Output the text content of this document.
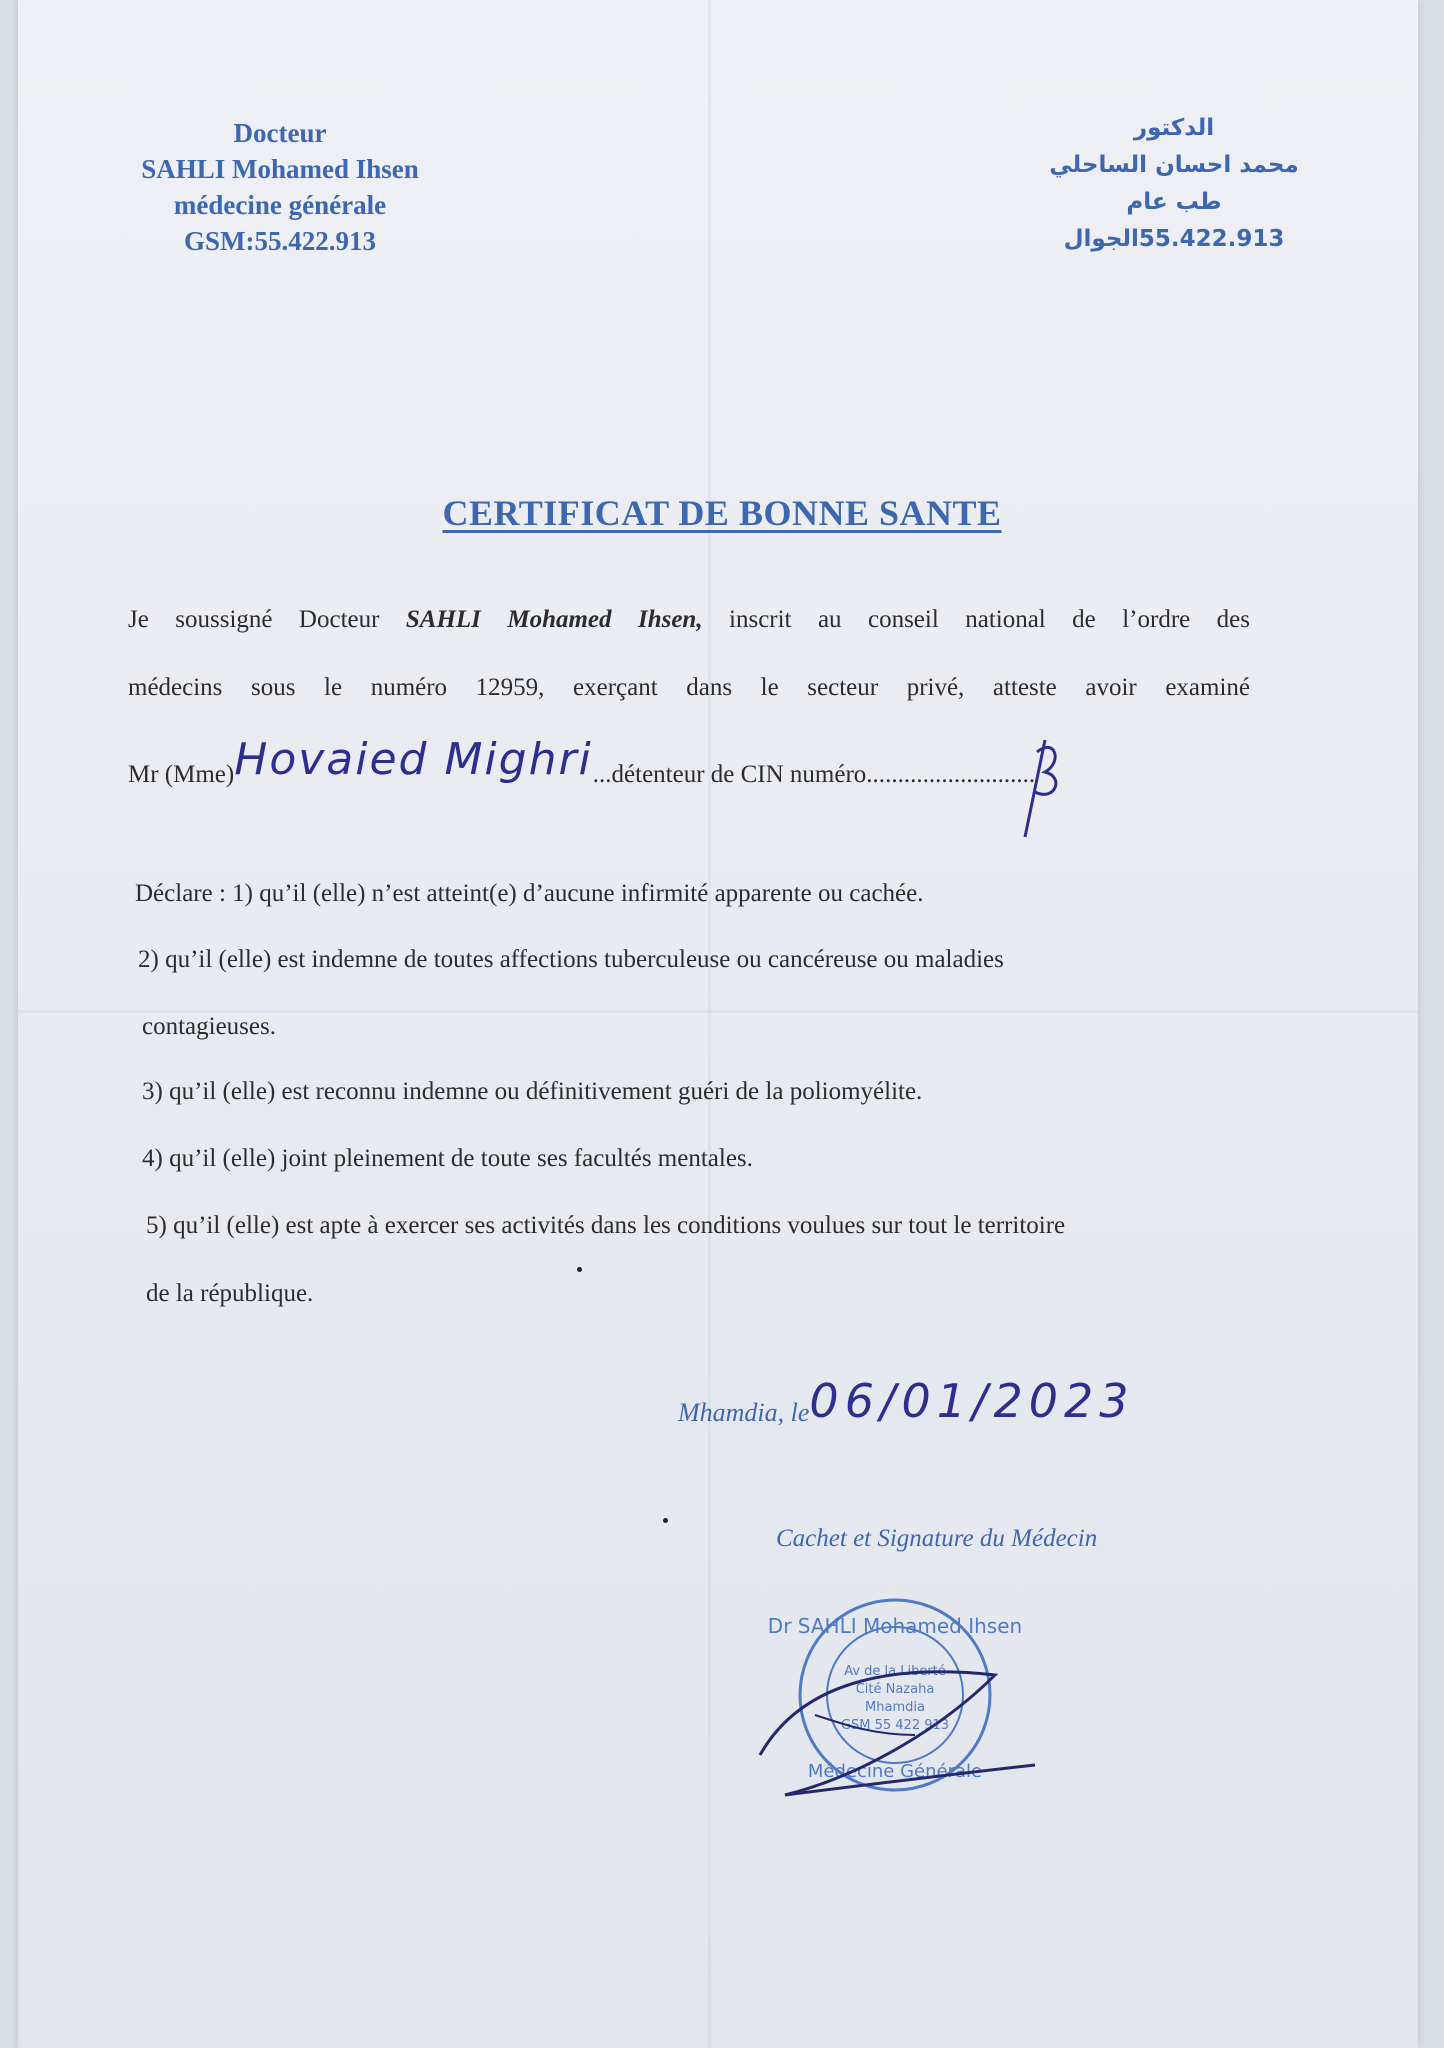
Docteur
SAHLI Mohamed Ihsen
médecine générale
GSM:55.422.913
الدكتور
محمد احسان الساحلي
طب عام
55.422.913الجوال
CERTIFICAT DE BONNE SANTE
Je soussigné Docteur SAHLI Mohamed Ihsen, inscrit au conseil national de l’ordre des
médecins sous le numéro 12959, exerçant dans le secteur privé, atteste avoir examiné
Mr (Mme)Hovaied Mighri...détenteur de CIN numéro...........................
Déclare : 1) qu’il (elle) n’est atteint(e) d’aucune infirmité apparente ou cachée.
2) qu’il (elle) est indemne de toutes affections tuberculeuse ou cancéreuse ou maladies
contagieuses.
3) qu’il (elle) est reconnu indemne ou définitivement guéri de la poliomyélite.
4) qu’il (elle) joint pleinement de toute ses facultés mentales.
5) qu’il (elle) est apte à exercer ses activités dans les conditions voulues sur tout le territoire
de la république.
Mhamdia, le06/01/2023
Cachet et Signature du Médecin
Dr SAHLI Mohamed Ihsen
Av de la Liberté
Cité Nazaha
Mhamdia
GSM 55 422 913
Médecine Générale
